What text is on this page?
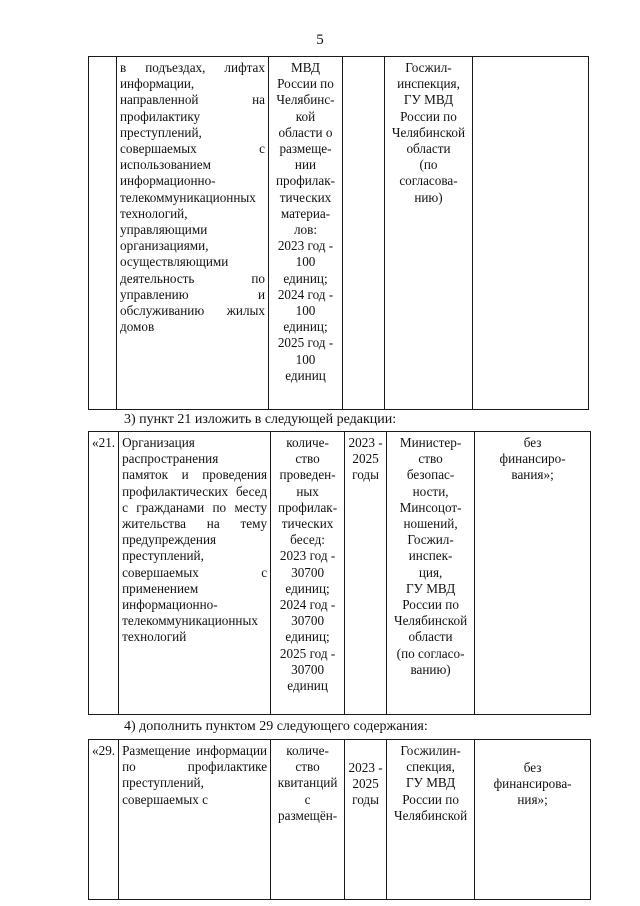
5
	в подъездах, лифтах информации, направленной на профилактику преступлений, совершаемых с использованием информационно-телекоммуникационных технологий, управляющими организациями, осуществляющими деятельность по управлению и обслуживанию жилых домов	МВД
России по
Челябинс-
кой
области о
размеще-
нии
профилак-
тических
материа-
лов:
2023 год -
100
единиц;
2024 год -
100
единиц;
2025 год -
100
единиц		Госжил-
инспекция,
ГУ МВД
России по
Челябинской
области
(по
согласова-
нию)	
3) пункт 21 изложить в следующей редакции:
«21.	Организация распространения памяток и проведения профилактических бесед с гражданами по месту жительства на тему предупреждения преступлений, совершаемых с применением информационно-телекоммуникационных технологий	количе-
ство
проведен-
ных
профилак-
тических
бесед:
2023 год -
30700
единиц;
2024 год -
30700
единиц;
2025 год -
30700
единиц	2023 -
2025
годы	Министер-
ство
безопас-
ности,
Минсоцот-
ношений,
Госжил-
инспек-
ция,
ГУ МВД
России по
Челябинской
области
(по согласо-
ванию)	без
финансиро-
вания»;
4) дополнить пунктом 29 следующего содержания:
«29.	Размещение информации по профилактике преступлений, совершаемых с	количе-
ство
квитанций
с
размещён-	2023 -
2025
годы	Госжилин-
спекция,
ГУ МВД
России по
Челябинской	без
финансирова-
ния»;
